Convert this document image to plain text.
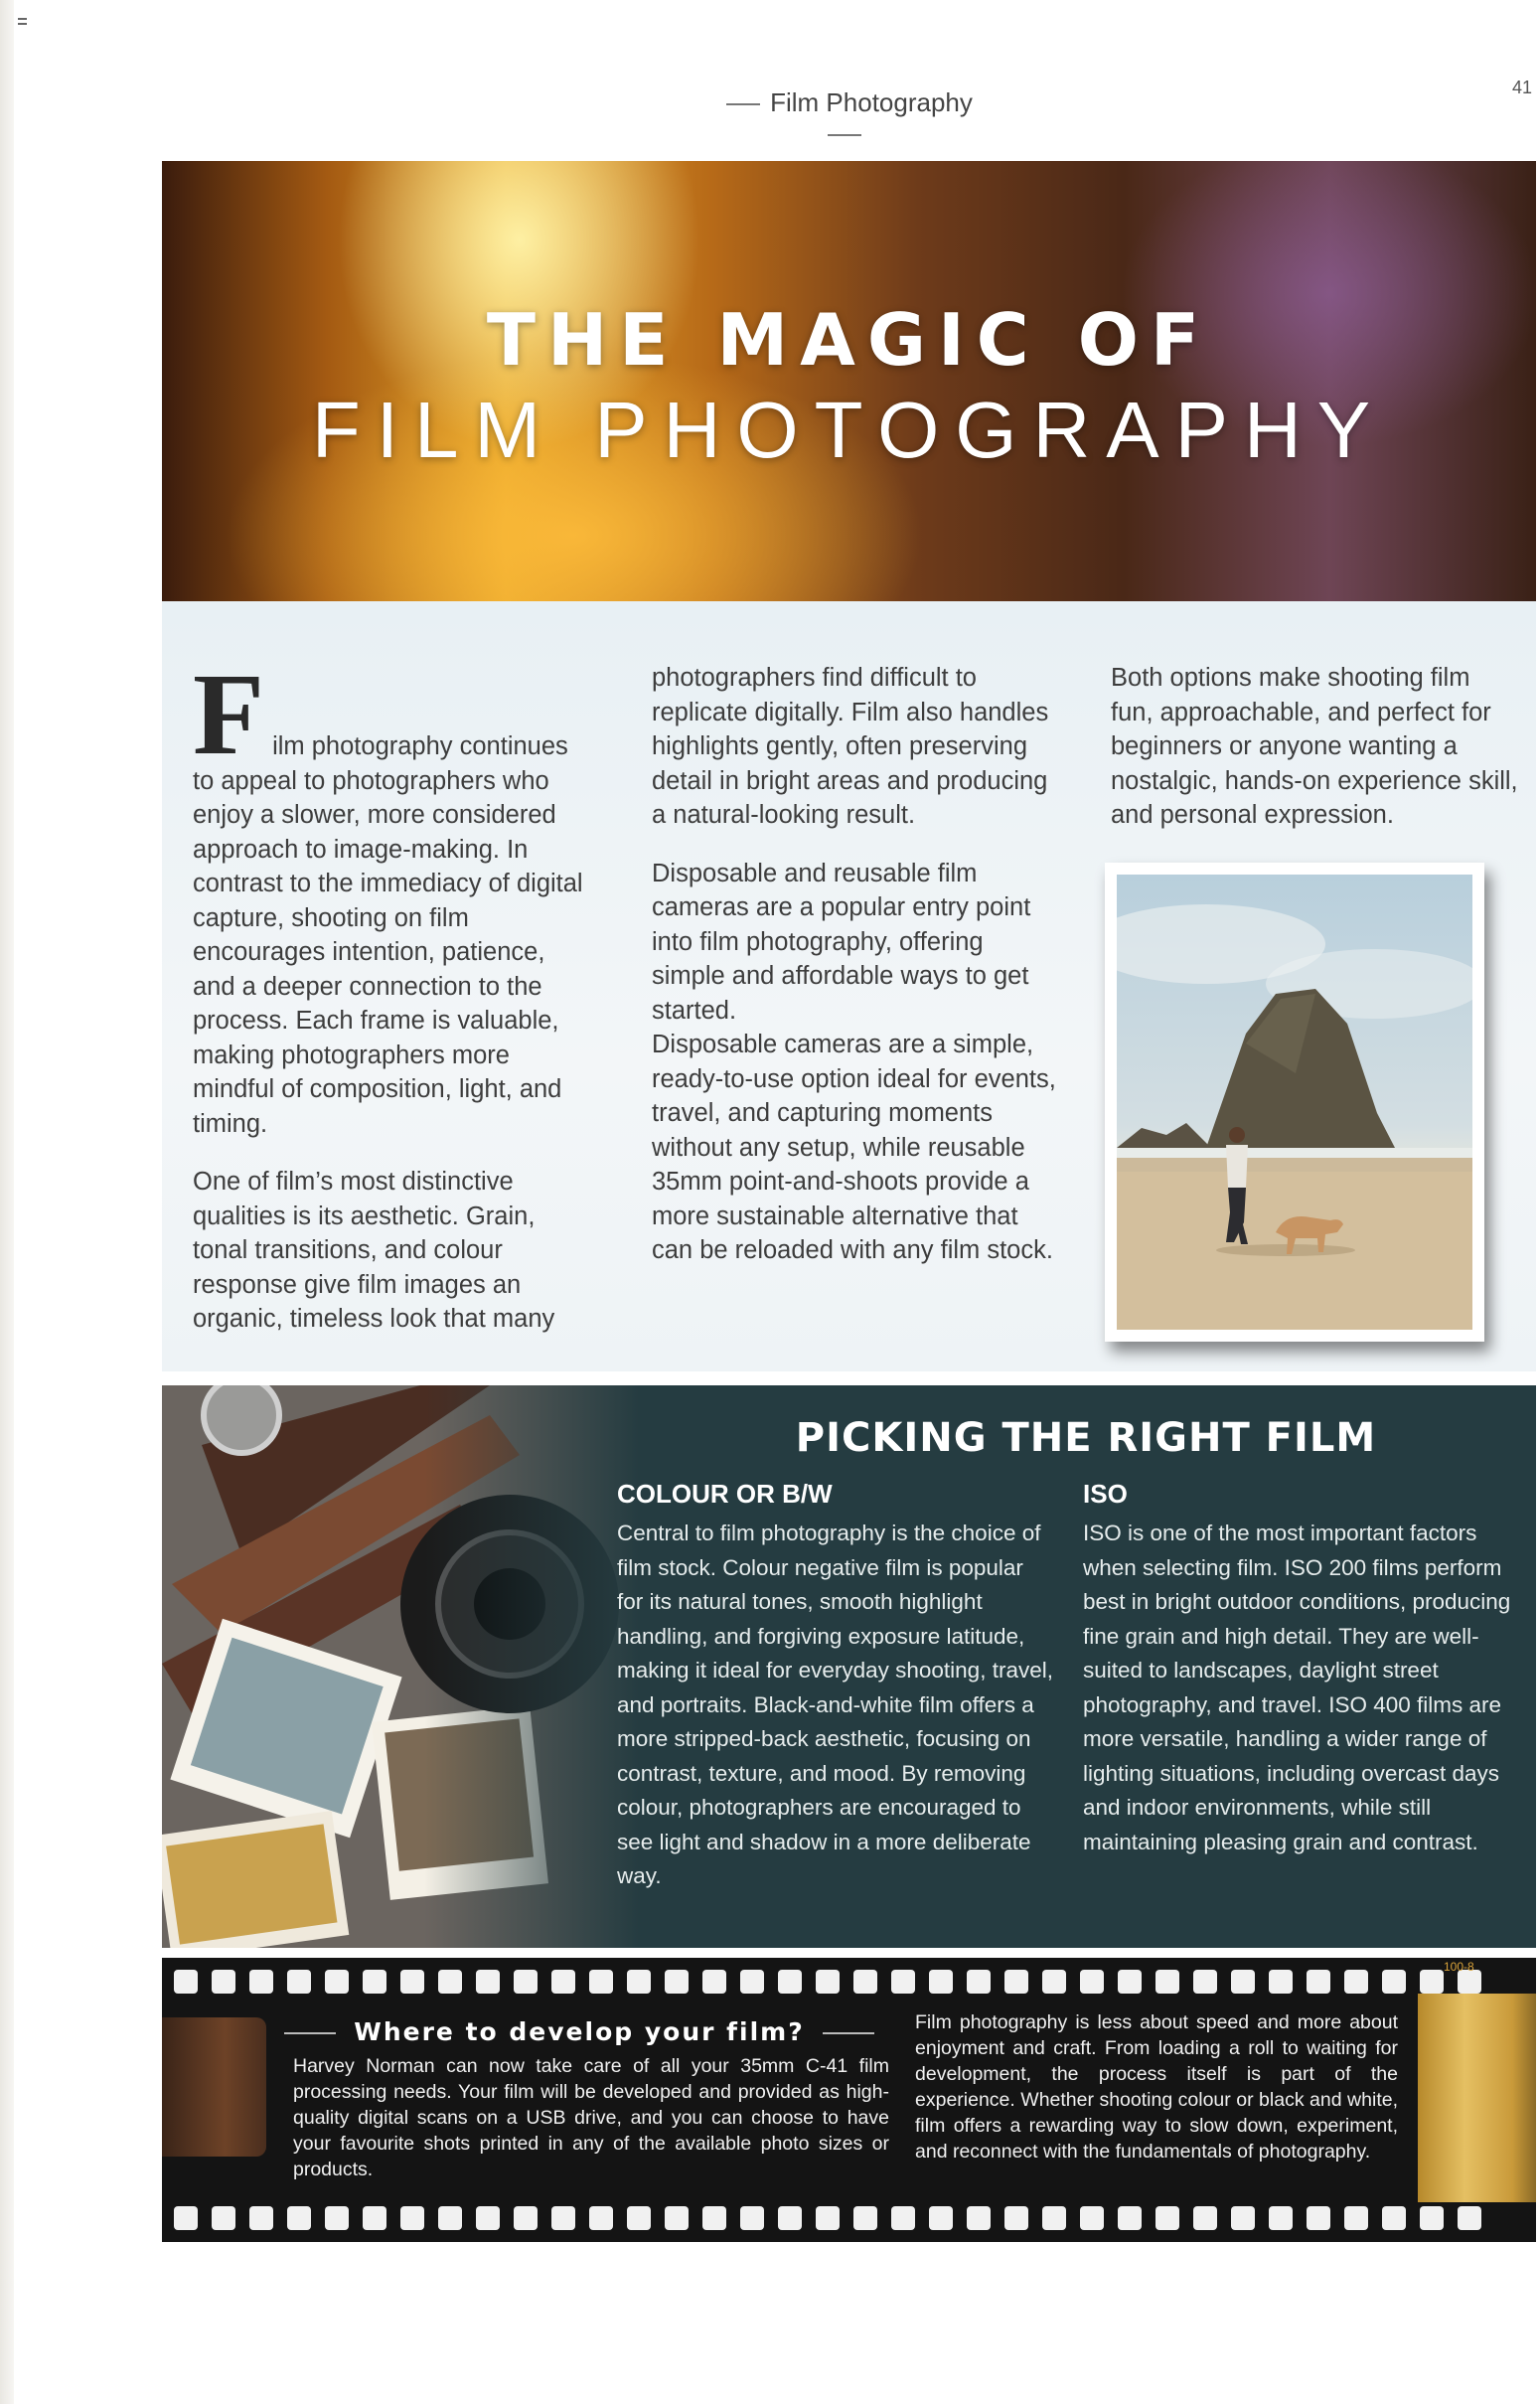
Film Photography	41
THE MAGIC OF
FILM PHOTOGRAPHY

Film photography continues to appeal to photographers who enjoy a slower, more considered approach to image-making. In contrast to the immediacy of digital capture, shooting on film encourages intention, patience, and a deeper connection to the process. Each frame is valuable, making photographers more mindful of composition, light, and timing.

One of film’s most distinctive qualities is its aesthetic. Grain, tonal transitions, and colour response give film images an organic, timeless look that many

photographers find difficult to replicate digitally. Film also handles highlights gently, often preserving detail in bright areas and producing a natural-looking result.

Disposable and reusable film cameras are a popular entry point into film photography, offering simple and affordable ways to get started.

Disposable cameras are a simple, ready-to-use option ideal for events, travel, and capturing moments without any setup, while reusable 35mm point-and-shoots provide a more sustainable alternative that can be reloaded with any film stock.

Both options make shooting film fun, approachable, and perfect for beginners or anyone wanting a nostalgic, hands-on experience skill, and personal expression.

PICKING THE RIGHT FILM
COLOUR OR B/W
Central to film photography is the choice of film stock. Colour negative film is popular for its natural tones, smooth highlight handling, and forgiving exposure latitude, making it ideal for everyday shooting, travel, and portraits. Black-and-white film offers a more stripped-back aesthetic, focusing on contrast, texture, and mood. By removing colour, photographers are encouraged to see light and shadow in a more deliberate way.
ISO
ISO is one of the most important factors when selecting film. ISO 200 films perform best in bright outdoor conditions, producing fine grain and high detail. They are well-suited to landscapes, daylight street photography, and travel. ISO 400 films are more versatile, handling a wider range of lighting situations, including overcast days and indoor environments, while still maintaining pleasing grain and contrast.
Where to develop your film?
Harvey Norman can now take care of all your 35mm C-41 film processing needs. Your film will be developed and provided as high-quality digital scans on a USB drive, and you can choose to have your favourite shots printed in any of the available photo sizes or products.
Film photography is less about speed and more about enjoyment and craft. From loading a roll to waiting for development, the process itself is part of the experience. Whether shooting colour or black and white, film offers a rewarding way to slow down, experiment, and reconnect with the fundamentals of photography.
100-8
